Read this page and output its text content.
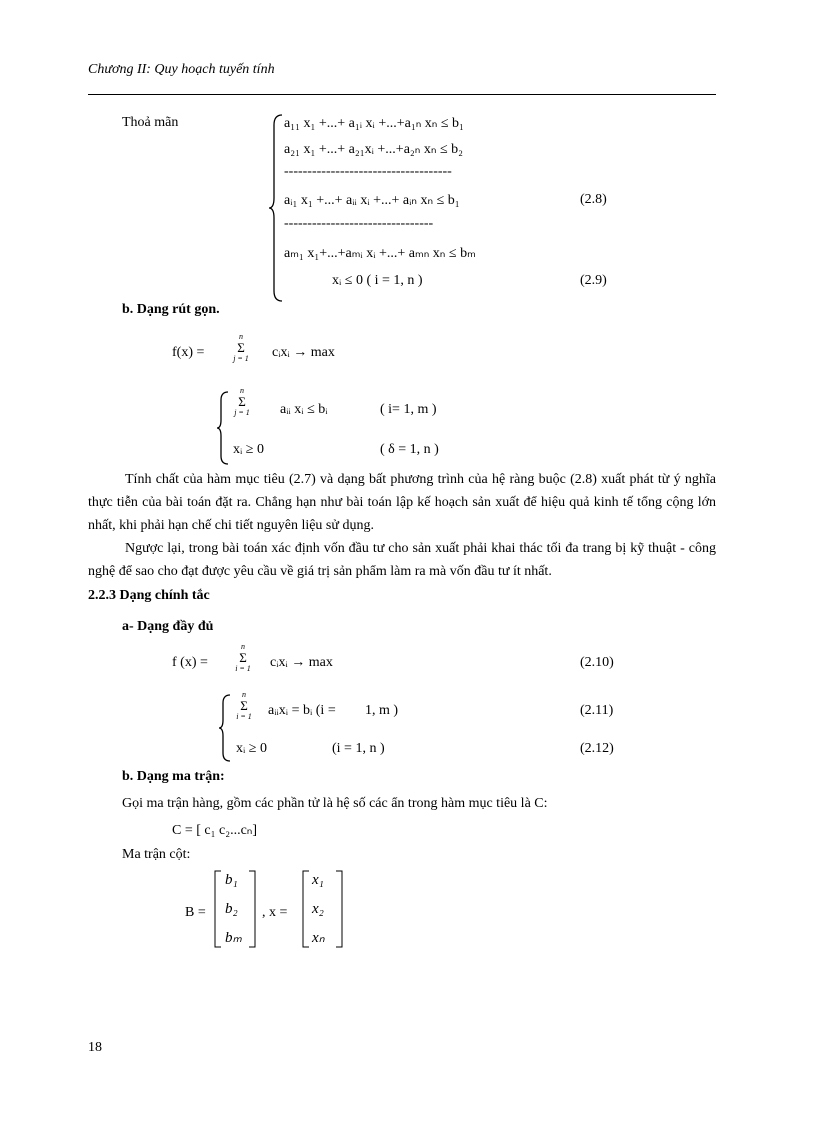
Chương II: Quy hoạch tuyến tính
Thoả mãn	a₁₁ x₁ +...+ a₁ᵢ xᵢ +...+a₁ₙ xₙ ≤ b₁
a₂₁ x₁ +...+ a₂₁xᵢ +...+a₂ₙ xₙ ≤ b₂
------------------------------------
aᵢ₁ x₁ +...+ aᵢᵢ xᵢ +...+ aᵢₙ xₙ ≤ b₁
--------------------------------
aₘ₁ x₁+...+aₘᵢ xᵢ +...+ aₘₙ xₙ ≤ bₘ
xᵢ ≤ 0 ( i = 1, n )
(2.8)
(2.9)
b. Dạng rút gọn.
f(x) =
n
Σ
j = 1	cᵢxᵢ → max
n
Σ
j = 1	aᵢᵢ xᵢ ≤ bᵢ	( i= 1, m )
xᵢ ≥ 0	( δ = 1, n )
Tính chất của hàm mục tiêu (2.7) và dạng bất phương trình của hệ ràng buộc (2.8) xuất phát từ ý nghĩa thực tiễn của bài toán đặt ra. Chẳng hạn như bài toán lập kế hoạch sản xuất để hiệu quả kinh tế tổng cộng lớn nhất, khi phải hạn chế chi tiết nguyên liệu sử dụng.
Ngược lại, trong bài toán xác định vốn đầu tư cho sản xuất phải khai thác tối đa trang bị kỹ thuật - công nghệ để sao cho đạt được yêu cầu về giá trị sản phẩm làm ra mà vốn đầu tư ít nhất.
2.2.3 Dạng chính tắc
a- Dạng đầy đủ
f (x) =
n
Σ
i = 1	cᵢxᵢ → max	(2.10)
n
Σ
i = 1	aᵢᵢxᵢ = bᵢ (i = 1, m )	(2.11)
xᵢ ≥ 0	(i = 1, n )	(2.12)
b. Dạng ma trận:
Gọi ma trận hàng, gồm các phần tử là hệ số các ẩn trong hàm mục tiêu là C:
C = [ c₁ c₂...cₙ]
Ma trận cột:
B =
b₁
b₂
bₘ
, x =
x₁
x₂
xₙ
18
